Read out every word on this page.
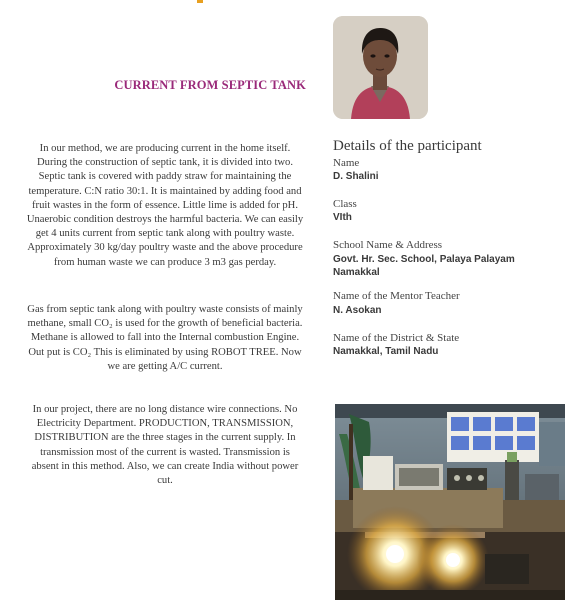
CURRENT FROM SEPTIC TANK

In our method, we are producing current in the home itself. During the construction of septic tank, it is divided into two. Septic tank is covered with paddy straw for maintaining the temperature. C:N ratio 30:1. It is maintained by adding food and fruit wastes in the form of essence. Little lime is added for pH. Unaerobic condition destroys the harmful bacteria. We can easily get 4 units current from septic tank along with poultry waste. Approximately 30 kg/day poultry waste and the above procedure from human waste we can produce 3 m3 gas perday.

Gas from septic tank along with poultry waste consists of mainly methane, small CO₂ is used for the growth of beneficial bacteria. Methane is allowed to fall into the Internal combustion Engine. Out put is CO₂ This is eliminated by using ROBOT TREE. Now we are getting A/C current.

In our project, there are no long distance wire connections. No Electricity Department. PRODUCTION, TRANSMISSION, DISTRIBUTION are the three stages in the current supply. In transmission most of the current is wasted. Transmission is absent in this method. Also, we can create India without power cut.

Details of the participant
Name
D. Shalini
Class
VIth
School Name & Address
Govt. Hr. Sec. School, Palaya Palayam Namakkal
Name of the Mentor Teacher
N. Asokan
Name of the District & State
Namakkal, Tamil Nadu
